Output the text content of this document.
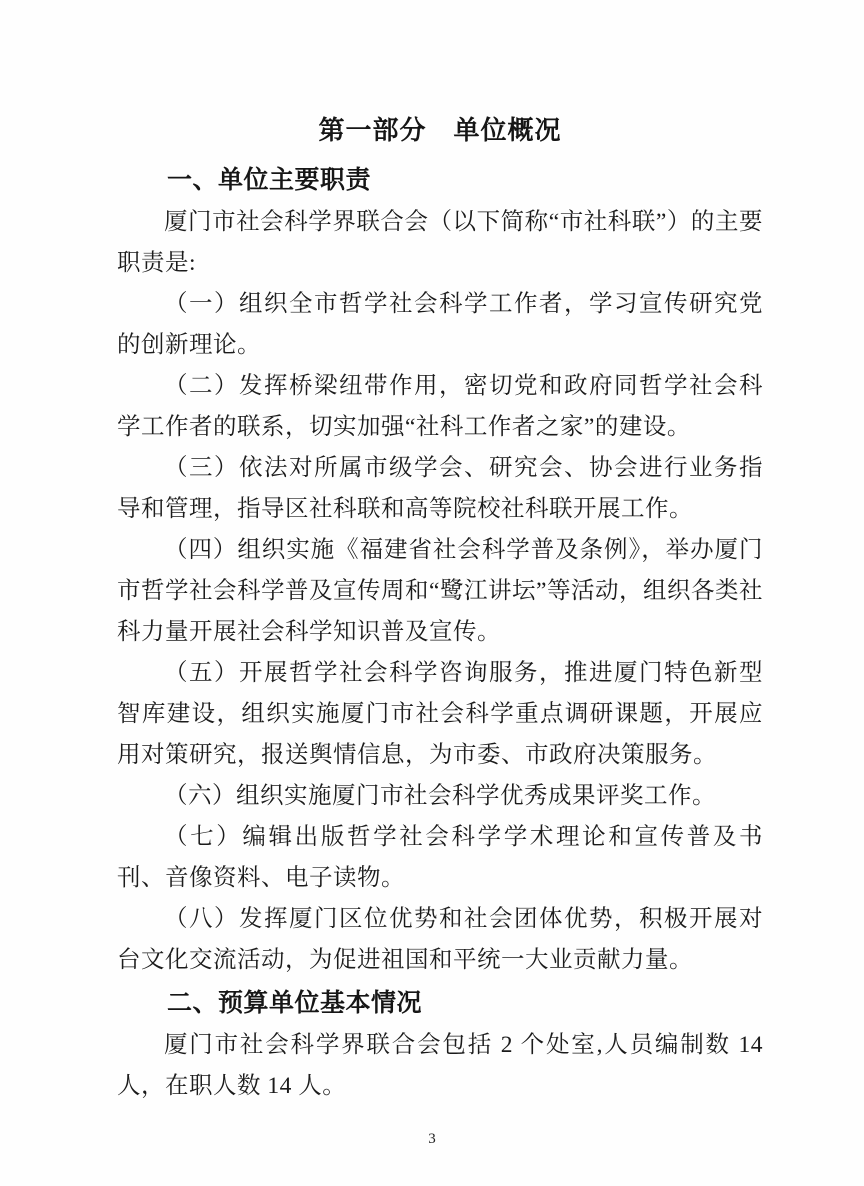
第一部分　单位概况
一、单位主要职责

厦门市社会科学界联合会（以下简称“市社科联”）的主要职责是:

（一）组织全市哲学社会科学工作者，学习宣传研究党的创新理论。

（二）发挥桥梁纽带作用，密切党和政府同哲学社会科学工作者的联系，切实加强“社科工作者之家”的建设。

（三）依法对所属市级学会、研究会、协会进行业务指导和管理，指导区社科联和高等院校社科联开展工作。

（四）组织实施《福建省社会科学普及条例》，举办厦门市哲学社会科学普及宣传周和“鹭江讲坛”等活动，组织各类社科力量开展社会科学知识普及宣传。

（五）开展哲学社会科学咨询服务，推进厦门特色新型智库建设，组织实施厦门市社会科学重点调研课题，开展应用对策研究，报送舆情信息，为市委、市政府决策服务。

（六）组织实施厦门市社会科学优秀成果评奖工作。

（七）编辑出版哲学社会科学学术理论和宣传普及书刊、音像资料、电子读物。

（八）发挥厦门区位优势和社会团体优势，积极开展对台文化交流活动，为促进祖国和平统一大业贡献力量。

二、预算单位基本情况

厦门市社会科学界联合会包括 2 个处室,人员编制数 14 人，在职人数 14 人。

3
